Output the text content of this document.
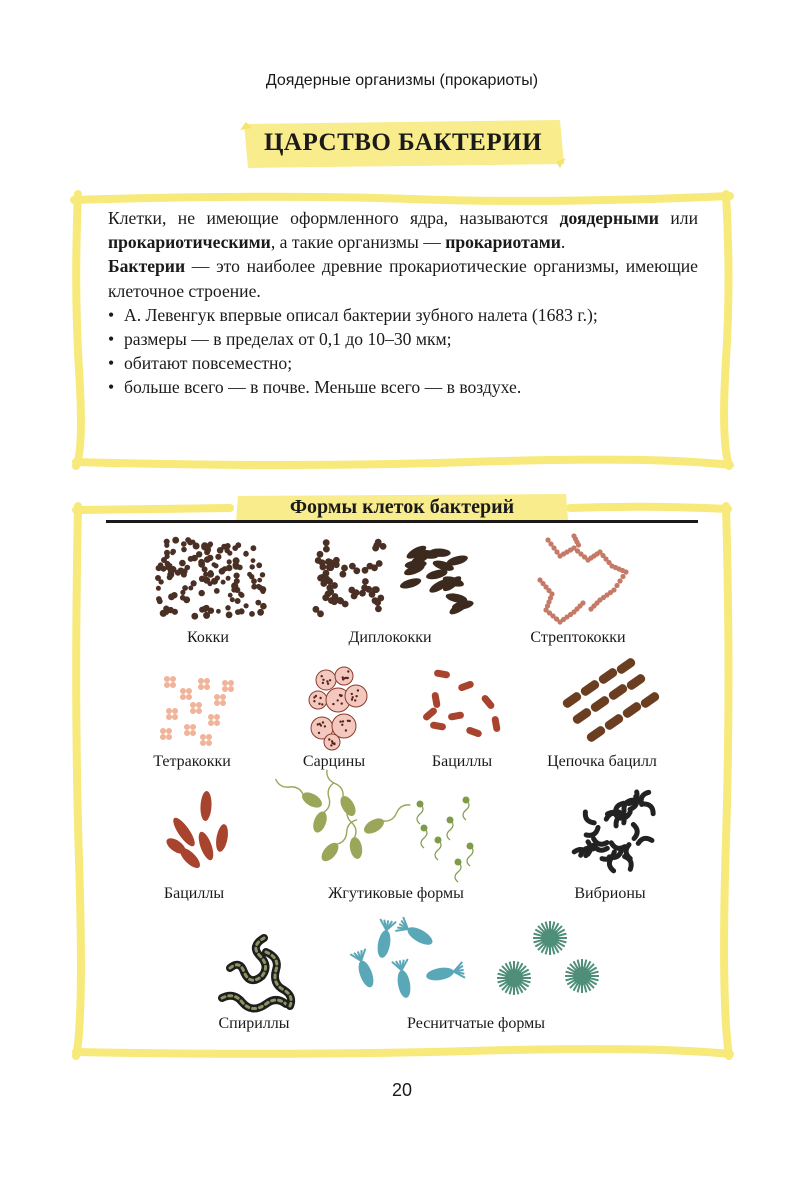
Доядерные организмы (прокариоты)
ЦАРСТВО БАКТЕРИИ

Клетки, не имеющие оформленного ядра, называются доядерными или прокариотическими, а такие организмы — прокариотами.

Бактерии — это наиболее древние прокариотические организмы, имеющие клеточное строение.

• А. Левенгук впервые описал бактерии зубного налета (1683 г.);
• размеры — в пределах от 0,1 до 10–30 мкм;
• обитают повсеместно;
• больше всего — в почве. Меньше всего — в воздухе.
Формы клеток бактерий
Кокки	Диплококки	Стрептококки
Тетракокки	Сарцины	Бациллы	Цепочка бацилл
Бациллы	Жгутиковые формы	Вибрионы
Спириллы	Реснитчатые формы
20
